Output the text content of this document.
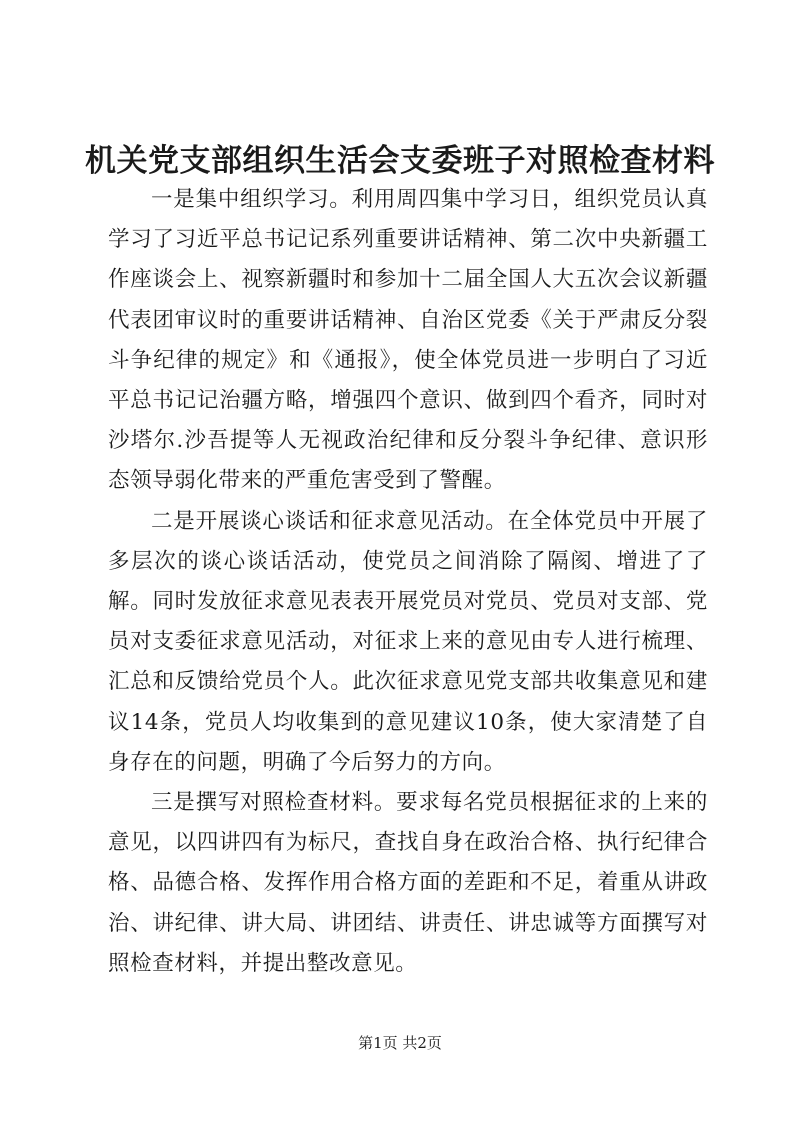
机关党支部组织生活会支委班子对照检查材料

一是集中组织学习。利用周四集中学习日，组织党员认真学习了习近平总书记记系列重要讲话精神、第二次中央新疆工作座谈会上、视察新疆时和参加十二届全国人大五次会议新疆代表团审议时的重要讲话精神、自治区党委《关于严肃反分裂斗争纪律的规定》和《通报》，使全体党员进一步明白了习近平总书记记治疆方略，增强四个意识、做到四个看齐，同时对沙塔尔.沙吾提等人无视政治纪律和反分裂斗争纪律、意识形态领导弱化带来的严重危害受到了警醒。

二是开展谈心谈话和征求意见活动。在全体党员中开展了多层次的谈心谈话活动，使党员之间消除了隔阂、增进了了解。同时发放征求意见表表开展党员对党员、党员对支部、党员对支委征求意见活动，对征求上来的意见由专人进行梳理、汇总和反馈给党员个人。此次征求意见党支部共收集意见和建议14条，党员人均收集到的意见建议10条，使大家清楚了自身存在的问题，明确了今后努力的方向。

三是撰写对照检查材料。要求每名党员根据征求的上来的意见，以四讲四有为标尺，查找自身在政治合格、执行纪律合格、品德合格、发挥作用合格方面的差距和不足，着重从讲政治、讲纪律、讲大局、讲团结、讲责任、讲忠诚等方面撰写对照检查材料，并提出整改意见。

第1页 共2页
